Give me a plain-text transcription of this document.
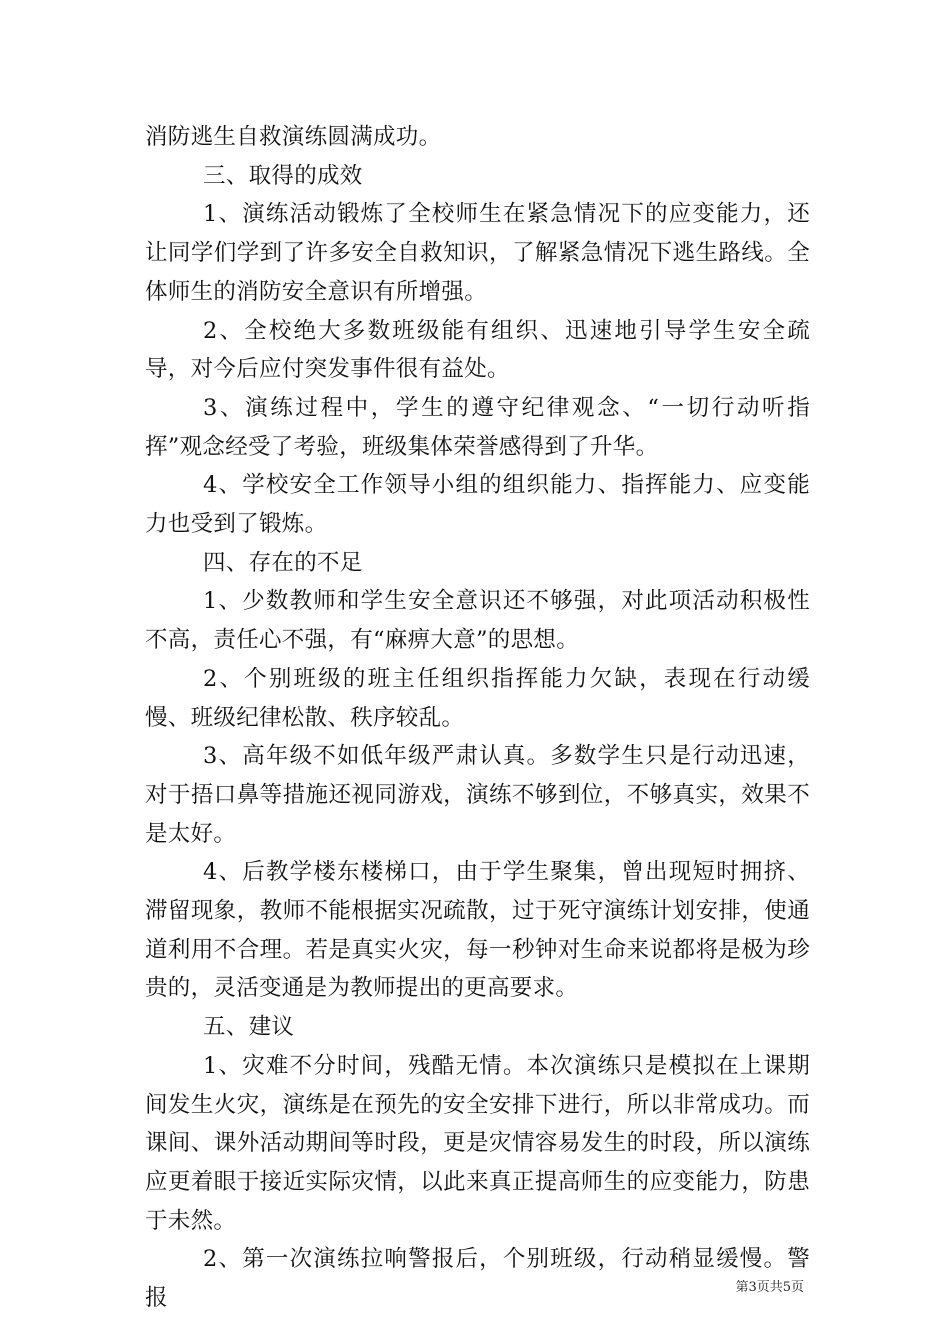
消防逃生自救演练圆满成功。

三、取得的成效

1、演练活动锻炼了全校师生在紧急情况下的应变能力，还让同学们学到了许多安全自救知识，了解紧急情况下逃生路线。全体师生的消防安全意识有所增强。

2、全校绝大多数班级能有组织、迅速地引导学生安全疏导，对今后应付突发事件很有益处。

3、演练过程中，学生的遵守纪律观念、“一切行动听指挥”观念经受了考验，班级集体荣誉感得到了升华。

4、学校安全工作领导小组的组织能力、指挥能力、应变能力也受到了锻炼。

四、存在的不足

1、少数教师和学生安全意识还不够强，对此项活动积极性不高，责任心不强，有“麻痹大意”的思想。

2、个别班级的班主任组织指挥能力欠缺，表现在行动缓慢、班级纪律松散、秩序较乱。

3、高年级不如低年级严肃认真。多数学生只是行动迅速，对于捂口鼻等措施还视同游戏，演练不够到位，不够真实，效果不是太好。

4、后教学楼东楼梯口，由于学生聚集，曾出现短时拥挤、滞留现象，教师不能根据实况疏散，过于死守演练计划安排，使通道利用不合理。若是真实火灾，每一秒钟对生命来说都将是极为珍贵的，灵活变通是为教师提出的更高要求。

五、建议

1、灾难不分时间，残酷无情。本次演练只是模拟在上课期间发生火灾，演练是在预先的安全安排下进行，所以非常成功。而课间、课外活动期间等时段，更是灾情容易发生的时段，所以演练应更着眼于接近实际灾情，以此来真正提高师生的应变能力，防患于未然。

2、第一次演练拉响警报后，个别班级，行动稍显缓慢。警报	第3页共5页
